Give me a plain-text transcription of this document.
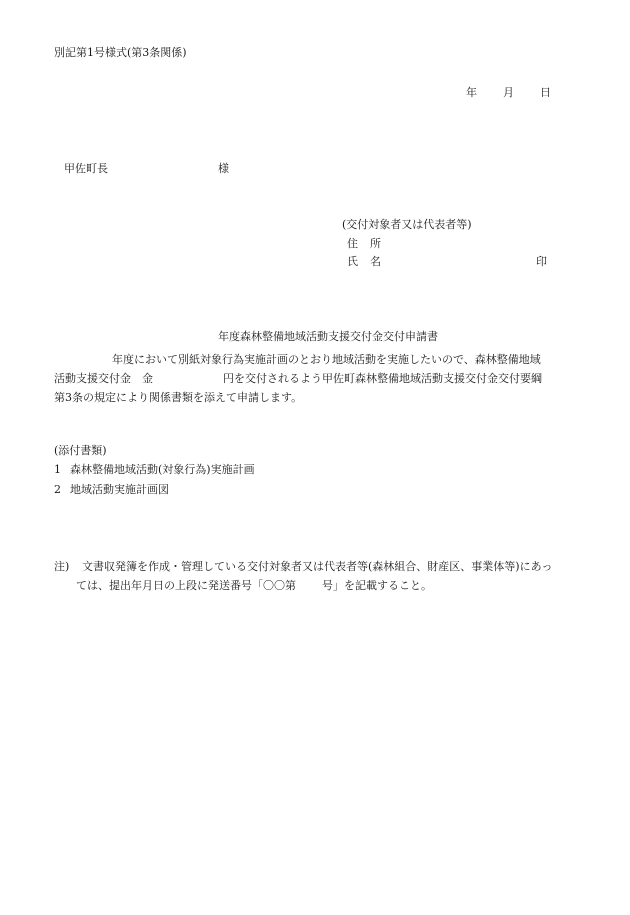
別記第1号様式(第3条関係)
年 月 日
甲佐町長	様
(交付対象者又は代表者等)
住 所
氏 名	印
年度森林整備地域活動支援交付金交付申請書
年度において別紙対象行為実施計画のとおり地域活動を実施したいので、森林整備地域
活動支援交付金　金	円を交付されるよう甲佐町森林整備地域活動支援交付金交付要綱
第3条の規定により関係書類を添えて申請します。
(添付書類)
1 森林整備地域活動(対象行為)実施計画
2 地域活動実施計画図
注) 文書収発簿を作成・管理している交付対象者又は代表者等(森林組合、財産区、事業体等)にあっ
ては、提出年月日の上段に発送番号「〇〇第 号」を記載すること。
